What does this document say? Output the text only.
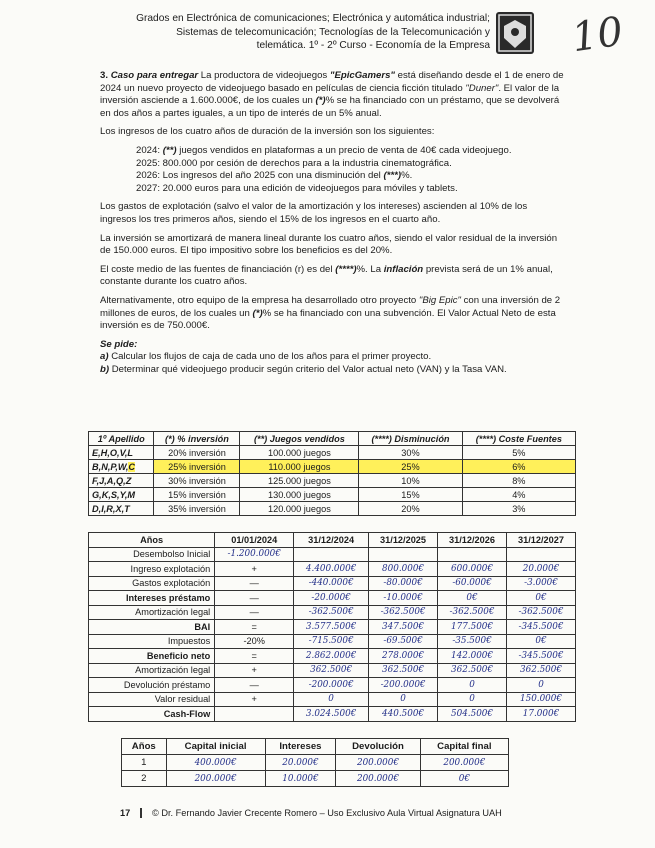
Grados en Electrónica de comunicaciones; Electrónica y automática industrial;
Sistemas de telecomunicación; Tecnologías de la Telecomunicación y
telemática. 1º - 2º Curso - Economía de la Empresa 10

3. Caso para entregar La productora de videojuegos "EpicGamers" está diseñando desde el 1 de enero de 2024 un nuevo proyecto de videojuego basado en películas de ciencia ficción titulado "Duner". El valor de la inversión asciende a 1.600.000€, de los cuales un (*)% se ha financiado con un préstamo, que se devolverá en dos años a partes iguales, a un tipo de interés de un 5% anual.

Los ingresos de los cuatro años de duración de la inversión son los siguientes:

2024: (**) juegos vendidos en plataformas a un precio de venta de 40€ cada videojuego.

2025: 800.000 por cesión de derechos para a la industria cinematográfica.

2026: Los ingresos del año 2025 con una disminución del (***)%.

2027: 20.000 euros para una edición de videojuegos para móviles y tablets.

Los gastos de explotación (salvo el valor de la amortización y los intereses) ascienden al 10% de los ingresos los tres primeros años, siendo el 15% de los ingresos en el cuarto año.

La inversión se amortizará de manera lineal durante los cuatro años, siendo el valor residual de la inversión de 150.000 euros. El tipo impositivo sobre los beneficios es del 20%.

El coste medio de las fuentes de financiación (r) es del (****)%. La inflación prevista será de un 1% anual, constante durante los cuatro años.

Alternativamente, otro equipo de la empresa ha desarrollado otro proyecto "Big Epic" con una inversión de 2 millones de euros, de los cuales un (*)% se ha financiado con una subvención. El Valor Actual Neto de esta inversión es de 750.000€.

Se pide:

a) Calcular los flujos de caja de cada uno de los años para el primer proyecto.

b) Determinar qué videojuego producir según criterio del Valor actual neto (VAN) y la Tasa VAN.

1º Apellido	(*) % inversión	(**) Juegos vendidos	(****) Disminución	(****) Coste Fuentes
E,H,O,V,L	20% inversión	100.000 juegos	30%	5%
B,N,P,W,C	25% inversión	110.000 juegos	25%	6%
F,J,A,Q,Z	30% inversión	125.000 juegos	10%	8%
G,K,S,Y,M	15% inversión	130.000 juegos	15%	4%
D,I,R,X,T	35% inversión	120.000 juegos	20%	3%
Años	01/01/2024	31/12/2024	31/12/2025	31/12/2026	31/12/2027
Desembolso Inicial	-1.200.000€				
Ingreso explotación	+	4.400.000€	800.000€	600.000€	20.000€
Gastos explotación	—	-440.000€	-80.000€	-60.000€	-3.000€
Intereses préstamo	—	-20.000€	-10.000€	0€	0€
Amortización legal	—	-362.500€	-362.500€	-362.500€	-362.500€
BAI	=	3.577.500€	347.500€	177.500€	-345.500€
Impuestos	-20%	-715.500€	-69.500€	-35.500€	0€
Beneficio neto	=	2.862.000€	278.000€	142.000€	-345.500€
Amortización legal	+	362.500€	362.500€	362.500€	362.500€
Devolución préstamo	—	-200.000€	-200.000€	0	0
Valor residual	+	0	0	0	150.000€
Cash-Flow		3.024.500€	440.500€	504.500€	17.000€
Años	Capital inicial	Intereses	Devolución	Capital final
1	400.000€	20.000€	200.000€	200.000€
2	200.000€	10.000€	200.000€	0€
17 © Dr. Fernando Javier Crecente Romero – Uso Exclusivo Aula Virtual Asignatura UAH
